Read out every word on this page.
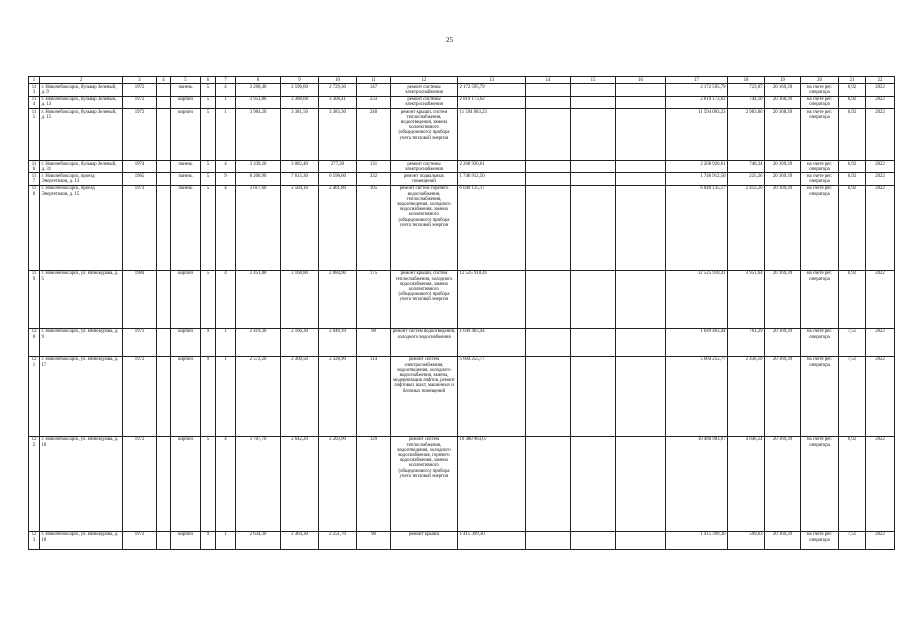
25
1	2	3	4	5	6	7	8	9	10	11	12	13	14	15	16	17	18	19	20	21	22
113	г. Новочебоксарск, бульвар Зеленый, д. 9	1972		панель	5	4	3 268,40	2 596,60	2 729,30	147	ремонт системы электроснабжения	2 172 595,79				2 172 595,79	723,07	20 169,39	на счете рег. оператора	6,92	2022
114	г. Новочебоксарск, бульвар Зеленый, д. 13	1972		кирпич	5	1	3 951,86	3 388,68	3 308,41	233	ремонт системы электроснабжения	2 819 173,62				2 819 173,62	744,10	20 168,39	на счете рег. оператора	6,92	2022
115	г. Новочебоксарск, бульвар Зеленый, д. 15	1972		кирпич	5	1	3 984,20	3 381,50	3 383,30	240	ремонт крыши, систем теплоснабжения, водоотведения, замена коллективного (общедомового) прибора учета тепловой энергии	11 594 083,23				11 594 083,23	2 983,00	20 168,39	на счете рег. оператора	6,92	2022
116	г. Новочебоксарск, бульвар Зеленый, д. 31	1974		панель	5	4	3 339,20	3 082,40	277,20	131	ремонт системы электроснабжения	2 268 926,61				2 268 926,61	740,34	20 169,39	на счете рег. оператора	6,92	2022
117	г. Новочебоксарск, проезд Энергетиков, д. 13	1965		панель	5	9	8 200,90	7 615,30	6 598,60	332	ремонт подвальных помещений	1 746 912,50				1 746 912,50	225,26	20 169,39	на счете рег. оператора	6,92	2022
118	г. Новочебоксарск, проезд Энергетиков, д. 15	1973		панель	5	4	3 017,60	2 504,10	2 461,80	105	ремонт систем горячего водоснабжения, теплоснабжения, водоотведения, холодного водоснабжения, замена коллективного (общедомового) прибора учета тепловой энергии	6 040 135,17				6 040 135,17	2 412,20	20 169,39	на счете рег. оператора	6,92	2022
119	г. Новочебоксарск, ул. Винокурова, д. 5	1984		кирпич	5	4	3 451,80	3 168,80	2 884,90	175	ремонт крыши, систем теплоснабжения, холодного водоснабжения, замена коллективного (общедомового) прибора учета тепловой энергии	12 525 910,41				12 525 910,41	3 951,64	20 169,39	на счете рег. оператора	6,92	2022
120	г. Новочебоксарск, ул. Винокурова, д. 9	1971		кирпич	9	1	2 419,30	2 166,30	2 046,10	98	ремонт систем водоотведения, холодного водоснабжения	1 649 403,44				1 649 403,44	761,29	20 169,39	на счете рег. оператора	7,51	2022
121	г. Новочебоксарск, ул. Винокурова, д. 17	1972		кирпич	9	1	2 572,20	2 308,50	2 328,90	114	ремонт систем электроснабжения, водоотведения, холодного водоснабжения, замена, модернизация лифтов, ремонт лифтовых шахт, машинных и блочных помещений	5 604 255,77				5 604 255,77	2 436,10	20 169,39	на счете рег. оператора	7,51	2022
122	г. Новочебоксарск, ул. Винокурова, д. 18	1972		кирпич	5	4	3 707,70	2 642,20	2 203,90	129	ремонт систем теплоснабжения, водоотведения, холодного водоснабжения, горячего водоснабжения, замена коллективного (общедомового) прибора учета тепловой энергии	10 480 983,67				10 480 983,67	4 046,24	20 169,39	на счете рег. оператора	6,92	2022
123	г. Новочебоксарск, ул. Винокурова, д. 18	1972		кирпич	9	1	2 634,30	2 364,30	2 251,70	98	ремонт крыши	1 415 399,30				1 415 399,30	599,63	20 169,39	на счете рег. оператора	7,51	2022
